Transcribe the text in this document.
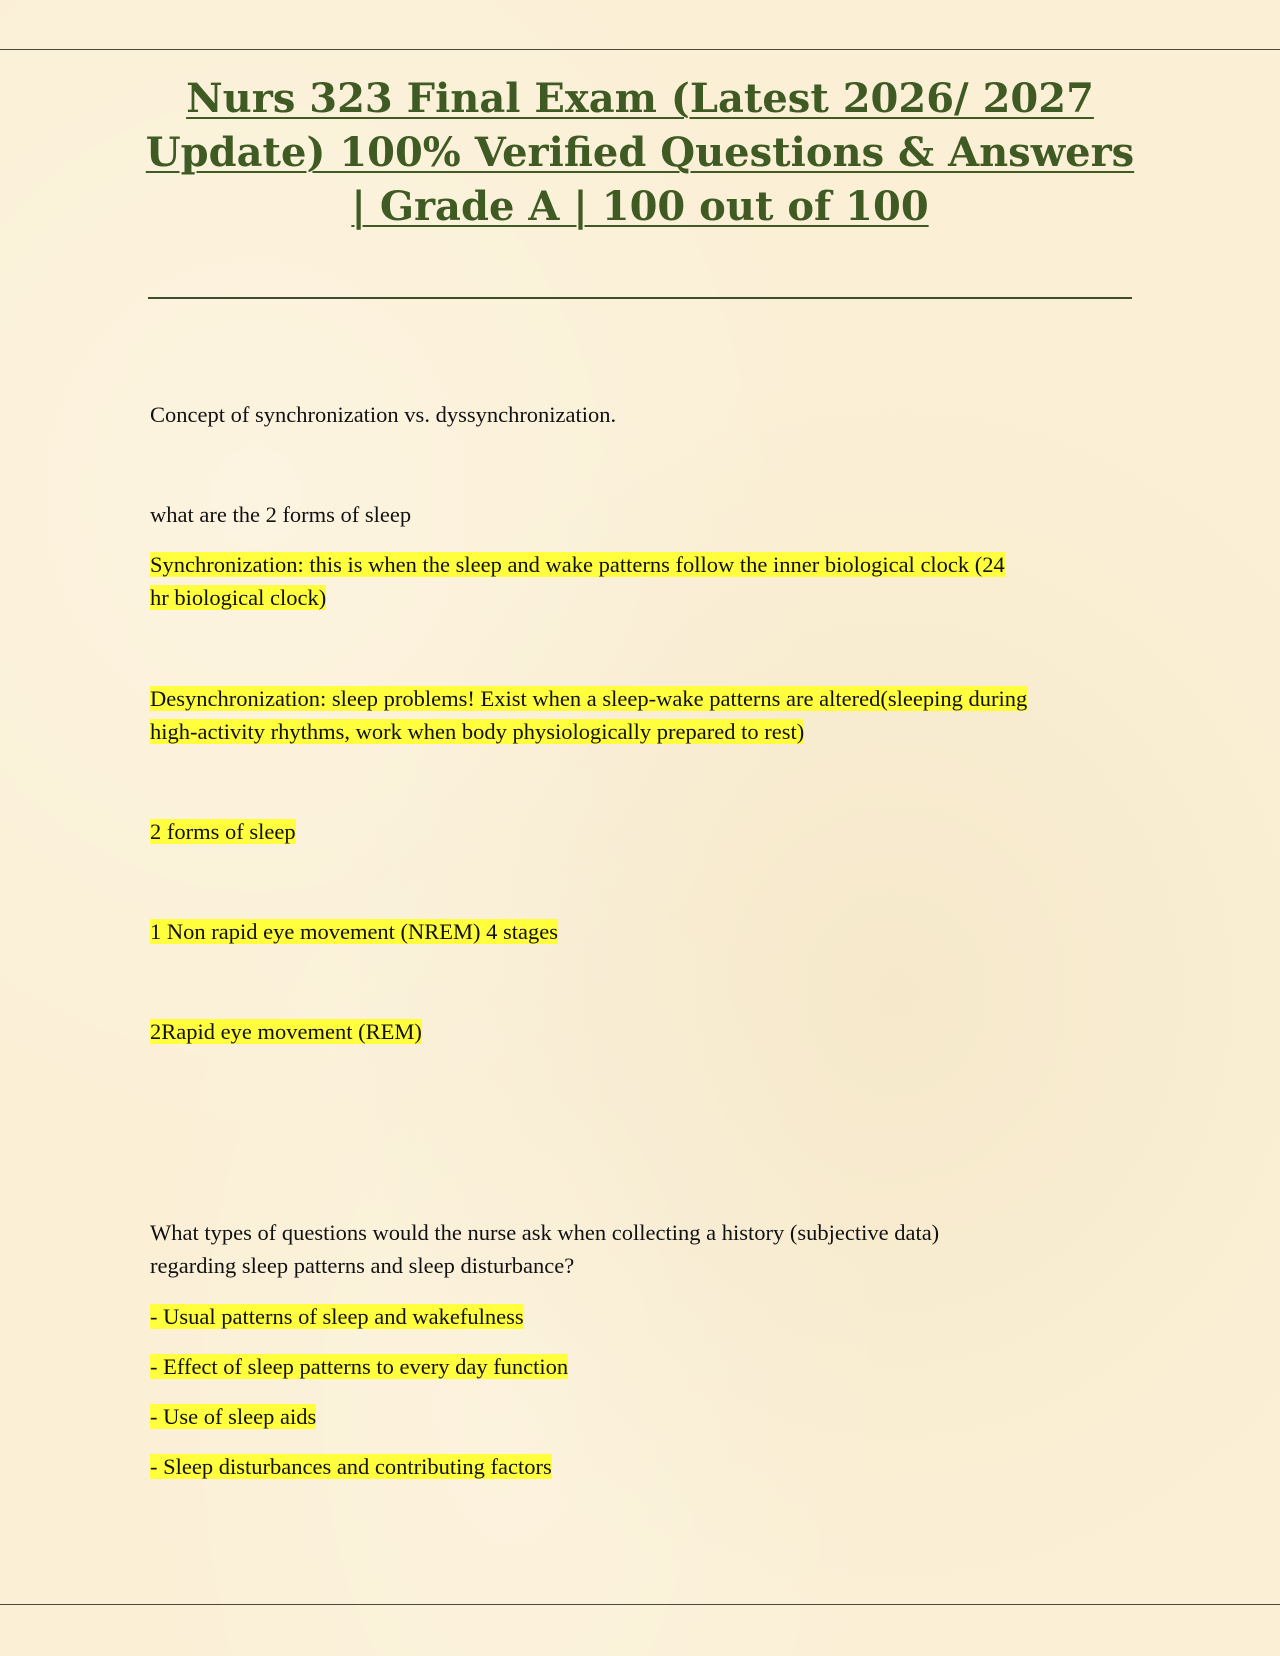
Nurs 323 Final Exam (Latest 2026/ 2027 Update) 100% Verified Questions & Answers | Grade A | 100 out of 100

Concept of synchronization vs. dyssynchronization.

what are the 2 forms of sleep

Synchronization: this is when the sleep and wake patterns follow the inner biological clock (24

hr biological clock)

Desynchronization: sleep problems! Exist when a sleep-wake patterns are altered(sleeping during

high-activity rhythms, work when body physiologically prepared to rest)

2 forms of sleep

1 Non rapid eye movement (NREM) 4 stages

2Rapid eye movement (REM)

What types of questions would the nurse ask when collecting a history (subjective data)

regarding sleep patterns and sleep disturbance?

- Usual patterns of sleep and wakefulness

- Effect of sleep patterns to every day function

- Use of sleep aids

- Sleep disturbances and contributing factors
